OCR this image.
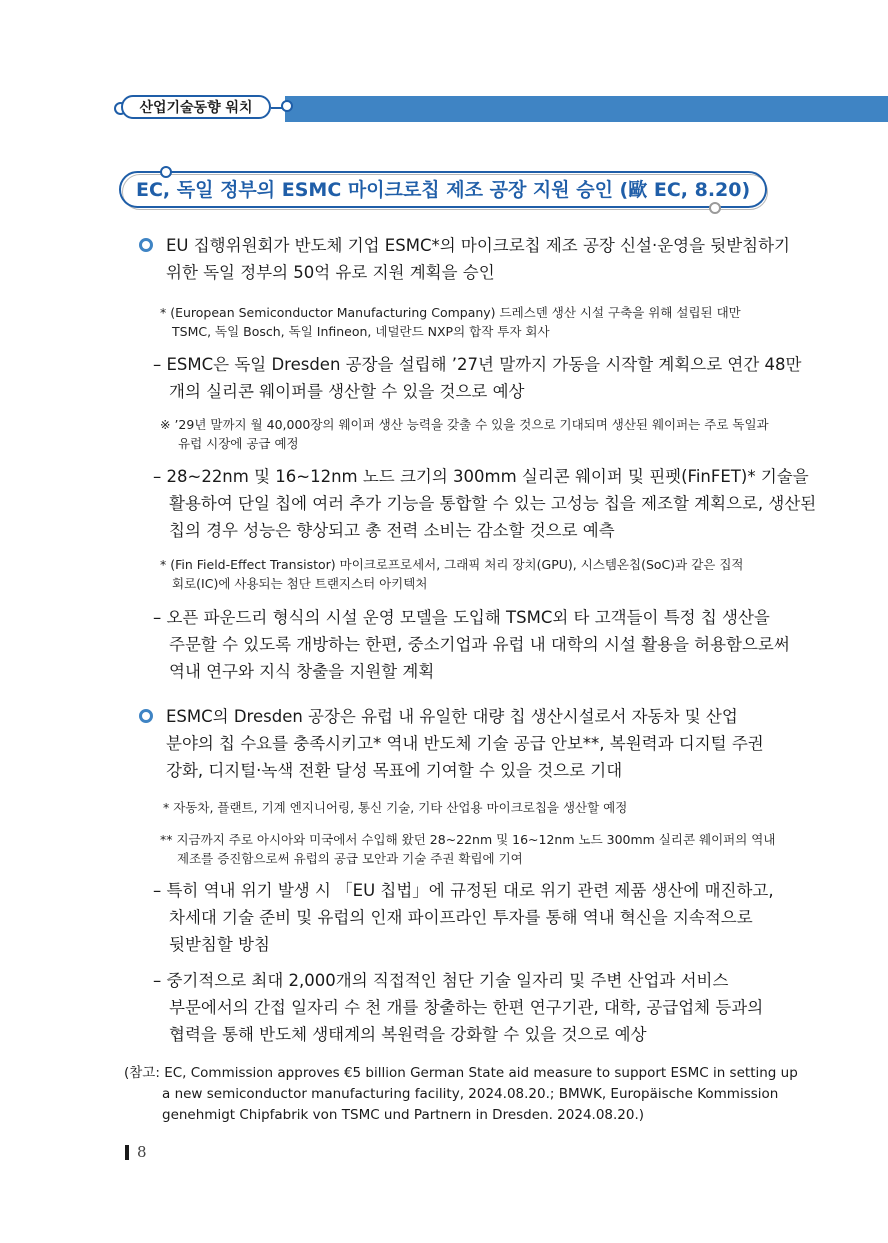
산업기술동향 워치
EC, 독일 정부의 ESMC 마이크로칩 제조 공장 지원 승인 (歐 EC, 8.20)
EU 집행위원회가 반도체 기업 ESMC*의 마이크로칩 제조 공장 신설·운영을 뒷받침하기
위한 독일 정부의 50억 유로 지원 계획을 승인
* (European Semiconductor Manufacturing Company) 드레스덴 생산 시설 구축을 위해 설립된 대만
TSMC, 독일 Bosch, 독일 Infineon, 네덜란드 NXP의 합작 투자 회사
– ESMC은 독일 Dresden 공장을 설립해 ’27년 말까지 가동을 시작할 계획으로 연간 48만
개의 실리콘 웨이퍼를 생산할 수 있을 것으로 예상
※ ’29년 말까지 월 40,000장의 웨이퍼 생산 능력을 갖출 수 있을 것으로 기대되며 생산된 웨이퍼는 주로 독일과
유럽 시장에 공급 예정
– 28~22nm 및 16~12nm 노드 크기의 300mm 실리콘 웨이퍼 및 핀펫(FinFET)* 기술을
활용하여 단일 칩에 여러 추가 기능을 통합할 수 있는 고성능 칩을 제조할 계획으로, 생산된
칩의 경우 성능은 향상되고 총 전력 소비는 감소할 것으로 예측
* (Fin Field-Effect Transistor) 마이크로프로세서, 그래픽 처리 장치(GPU), 시스템온칩(SoC)과 같은 집적
회로(IC)에 사용되는 첨단 트랜지스터 아키텍처
– 오픈 파운드리 형식의 시설 운영 모델을 도입해 TSMC외 타 고객들이 특정 칩 생산을
주문할 수 있도록 개방하는 한편, 중소기업과 유럽 내 대학의 시설 활용을 허용함으로써
역내 연구와 지식 창출을 지원할 계획
ESMC의 Dresden 공장은 유럽 내 유일한 대량 칩 생산시설로서 자동차 및 산업
분야의 칩 수요를 충족시키고* 역내 반도체 기술 공급 안보**, 복원력과 디지털 주권
강화, 디지털·녹색 전환 달성 목표에 기여할 수 있을 것으로 기대
* 자동차, 플랜트, 기계 엔지니어링, 통신 기술, 기타 산업용 마이크로칩을 생산할 예정
** 지금까지 주로 아시아와 미국에서 수입해 왔던 28~22nm 및 16~12nm 노드 300mm 실리콘 웨이퍼의 역내
제조를 증진함으로써 유럽의 공급 모안과 기술 주권 확립에 기여
– 특히 역내 위기 발생 시 「EU 칩법」에 규정된 대로 위기 관련 제품 생산에 매진하고,
차세대 기술 준비 및 유럽의 인재 파이프라인 투자를 통해 역내 혁신을 지속적으로
뒷받침할 방침
– 중기적으로 최대 2,000개의 직접적인 첨단 기술 일자리 및 주변 산업과 서비스
부문에서의 간접 일자리 수 천 개를 창출하는 한편 연구기관, 대학, 공급업체 등과의
협력을 통해 반도체 생태계의 복원력을 강화할 수 있을 것으로 예상
(참고: EC, Commission approves €5 billion German State aid measure to support ESMC in setting up
a new semiconductor manufacturing facility, 2024.08.20.; BMWK, Europäische Kommission
genehmigt Chipfabrik von TSMC und Partnern in Dresden. 2024.08.20.)
8
